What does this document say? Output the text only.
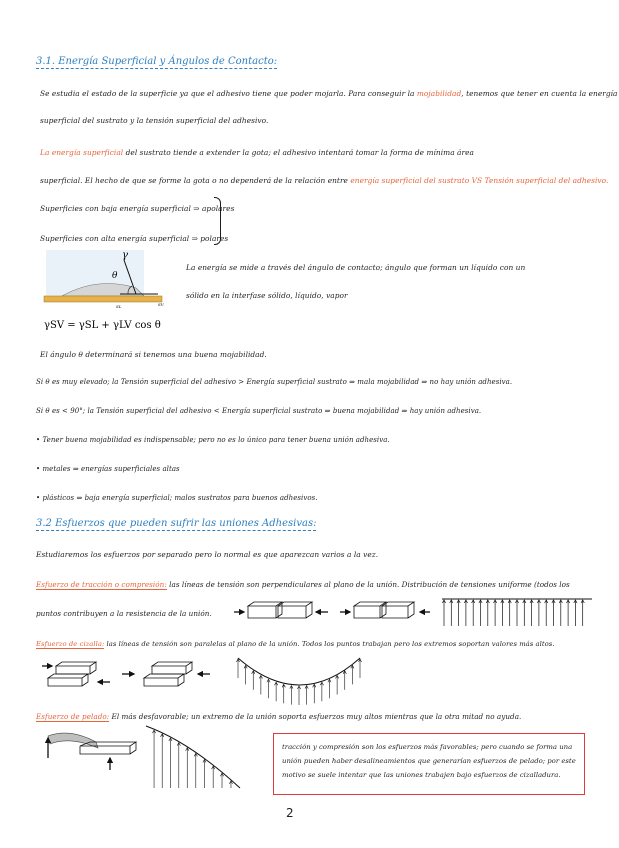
3.1. Energía Superficial y Ángulos de Contacto:
Se estudia el estado de la superficie ya que el adhesivo tiene que poder mojarla. Para conseguir la mojabilidad, tenemos que tener en cuenta la energía
superficial del sustrato y la tensión superficial del adhesivo.
La energía superficial del sustrato tiende a extender la gota; el adhesivo intentará tomar la forma de mínima área
superficial. El hecho de que se forme la gota o no dependerá de la relación entre energía superficial del sustrato VS Tensión superficial del adhesivo.
Superficies con baja energía superficial ⇒ apolares
Superficies con alta energía superficial ⇒ polares
γ
θ
SL	SV
γSV = γSL + γLV cos θ
La energía se mide a través del ángulo de contacto; ángulo que forman un líquido con un
sólido en la interfase sólido, líquido, vapor
El ángulo θ determinará si tenemos una buena mojabilidad.
Si θ es muy elevado; la Tensión superficial del adhesivo > Energía superficial sustrato ⇒ mala mojabilidad ⇒ no hay unión adhesiva.
Si θ es < 90°; la Tensión superficial del adhesivo < Energía superficial sustrato ⇒ buena mojabilidad ⇒ hay unión adhesiva.
• Tener buena mojabilidad es indispensable; pero no es lo único para tener buena unión adhesiva.
• metales ⇒ energías superficiales altas
• plásticos ⇒ baja energía superficial; malos sustratos para buenos adhesivos.
3.2 Esfuerzos que pueden sufrir las uniones Adhesivas:
Estudiaremos los esfuerzos por separado pero lo normal es que aparezcan varios a la vez.
Esfuerzo de tracción o compresión: las líneas de tensión son perpendiculares al plano de la unión. Distribución de tensiones uniforme (todos los
puntos contribuyen a la resistencia de la unión.
Esfuerzo de cizalla: las líneas de tensión son paralelas al plano de la unión. Todos los puntos trabajan pero los extremos soportan valores más altos.
Esfuerzo de pelado: El más desfavorable; un extremo de la unión soporta esfuerzos muy altos mientras que la otra mitad no ayuda.
tracción y compresión son los esfuerzos más favorables; pero cuando se forma una
unión pueden haber desalineamientos que generarían esfuerzos de pelado; por este
motivo se suele intentar que las uniones trabajen bajo esfuerzos de cizalladura.
2
